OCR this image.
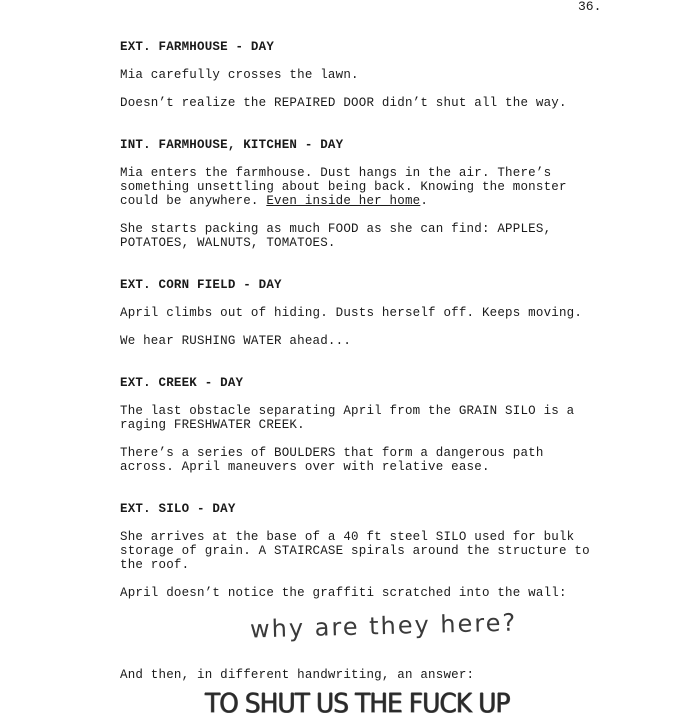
36.

EXT. FARMHOUSE - DAY

Mia carefully crosses the lawn.

Doesn’t realize the REPAIRED DOOR didn’t shut all the way.

INT. FARMHOUSE, KITCHEN - DAY

Mia enters the farmhouse. Dust hangs in the air. There’s

something unsettling about being back. Knowing the monster

could be anywhere. Even inside her home.

She starts packing as much FOOD as she can find: APPLES,

POTATOES, WALNUTS, TOMATOES.

EXT. CORN FIELD - DAY

April climbs out of hiding. Dusts herself off. Keeps moving.

We hear RUSHING WATER ahead...

EXT. CREEK - DAY

The last obstacle separating April from the GRAIN SILO is a

raging FRESHWATER CREEK.

There’s a series of BOULDERS that form a dangerous path

across. April maneuvers over with relative ease.

EXT. SILO - DAY

She arrives at the base of a 40 ft steel SILO used for bulk

storage of grain. A STAIRCASE spirals around the structure to

the roof.

April doesn’t notice the graffiti scratched into the wall:

why are they here?

And then, in different handwriting, an answer:

TO SHUT US THE FUCK UP
